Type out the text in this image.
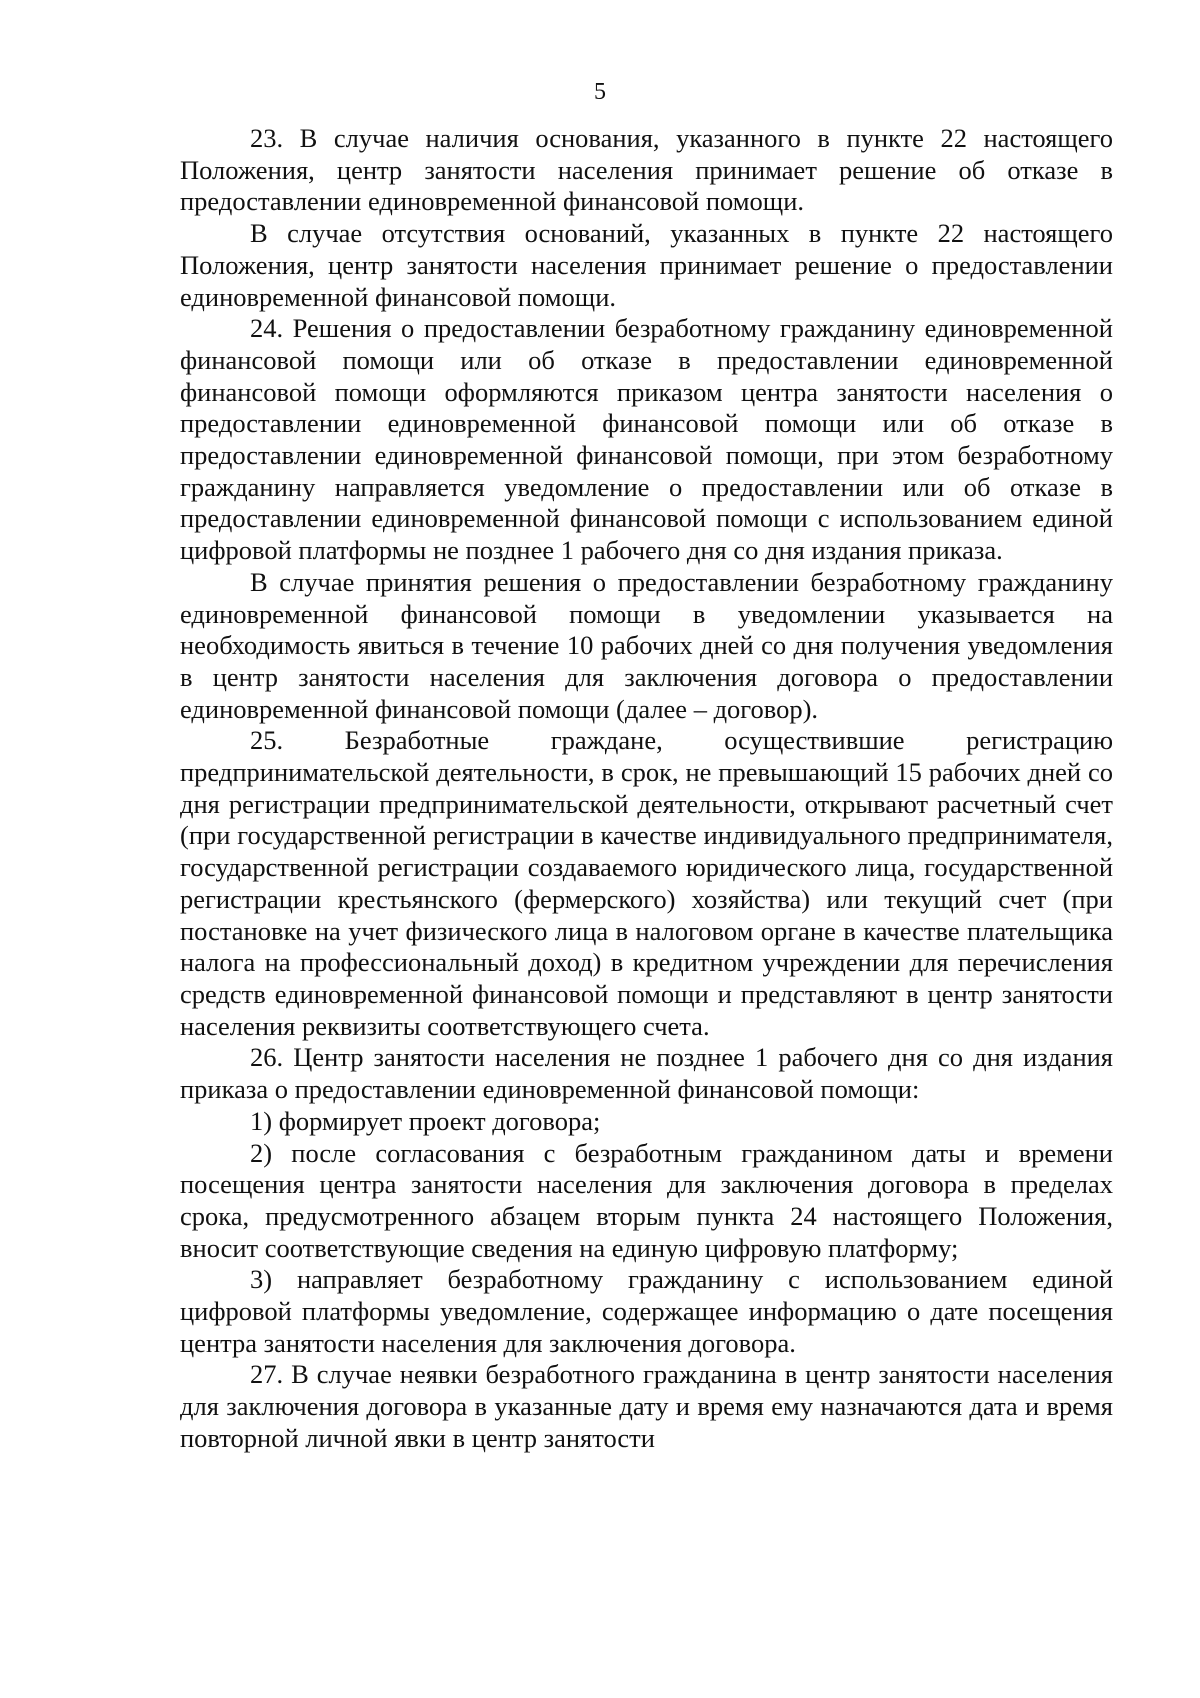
5

23. В случае наличия основания, указанного в пункте 22 настоящего Положения, центр занятости населения принимает решение об отказе в предоставлении единовременной финансовой помощи.

В случае отсутствия оснований, указанных в пункте 22 настоящего Положения, центр занятости населения принимает решение о предоставлении единовременной финансовой помощи.

24. Решения о предоставлении безработному гражданину единовременной финансовой помощи или об отказе в предоставлении единовременной финансовой помощи оформляются приказом центра занятости населения о предоставлении единовременной финансовой помощи или об отказе в предоставлении единовременной финансовой помощи, при этом безработному гражданину направляется уведомление о предоставлении или об отказе в предоставлении единовременной финансовой помощи с использованием единой цифровой платформы не позднее 1 рабочего дня со дня издания приказа.

В случае принятия решения о предоставлении безработному гражданину единовременной финансовой помощи в уведомлении указывается на необходимость явиться в течение 10 рабочих дней со дня получения уведомления в центр занятости населения для заключения договора о предоставлении единовременной финансовой помощи (далее – договор).

25. Безработные граждане, осуществившие регистрацию предпринимательской деятельности, в срок, не превышающий 15 рабочих дней со дня регистрации предпринимательской деятельности, открывают расчетный счет (при государственной регистрации в качестве индивидуального предпринимателя, государственной регистрации создаваемого юридического лица, государственной регистрации крестьянского (фермерского) хозяйства) или текущий счет (при постановке на учет физического лица в налоговом органе в качестве плательщика налога на профессиональный доход) в кредитном учреждении для перечисления средств единовременной финансовой помощи и представляют в центр занятости населения реквизиты соответствующего счета.

26. Центр занятости населения не позднее 1 рабочего дня со дня издания приказа о предоставлении единовременной финансовой помощи:

1) формирует проект договора;

2) после согласования с безработным гражданином даты и времени посещения центра занятости населения для заключения договора в пределах срока, предусмотренного абзацем вторым пункта 24 настоящего Положения, вносит соответствующие сведения на единую цифровую платформу;

3) направляет безработному гражданину с использованием единой цифровой платформы уведомление, содержащее информацию о дате посещения центра занятости населения для заключения договора.

27. В случае неявки безработного гражданина в центр занятости населения для заключения договора в указанные дату и время ему назначаются дата и время повторной личной явки в центр занятости
